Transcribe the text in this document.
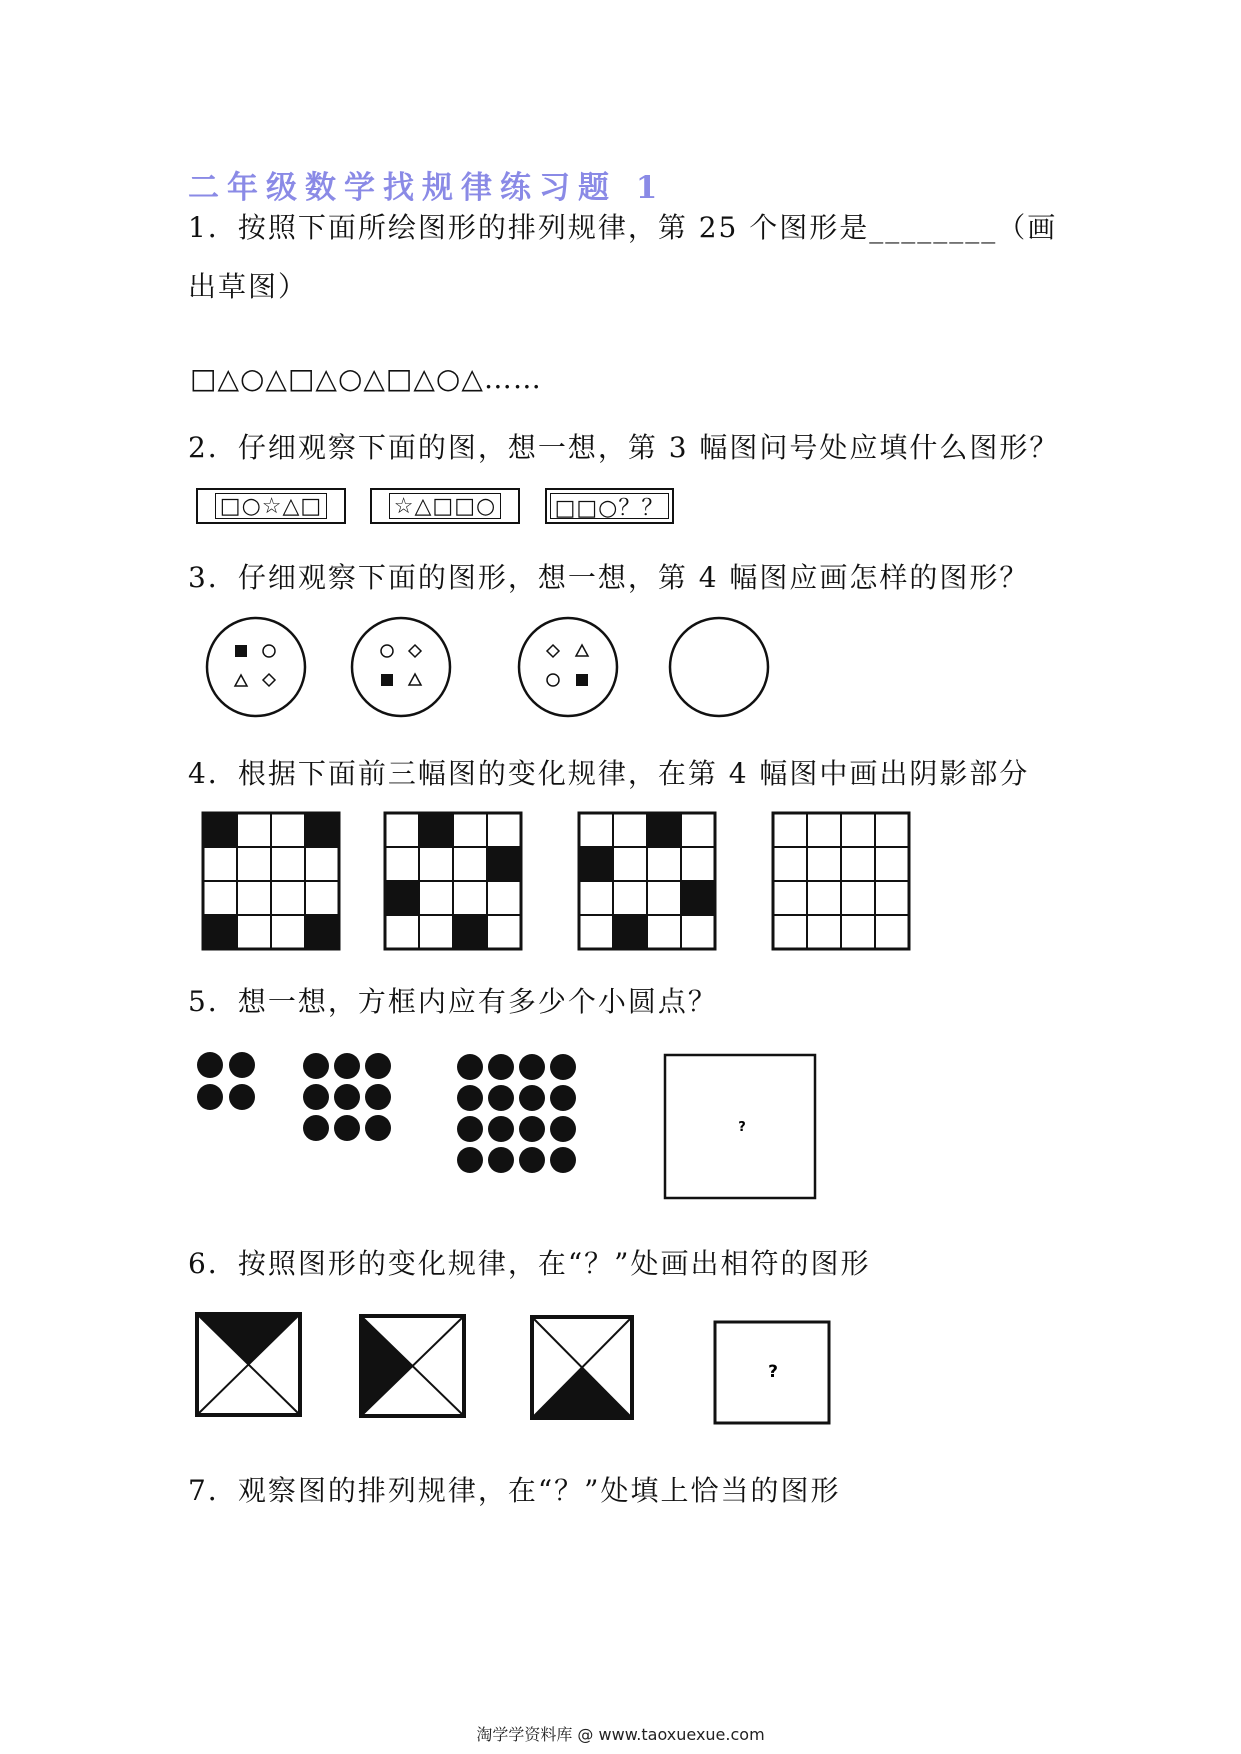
二年级数学找规律练习题 1
1．按照下面所绘图形的排列规律，第 25 个图形是________（画
出草图）
□△○△□△○△□△○△……
2．仔细观察下面的图，想一想，第 3 幅图问号处应填什么图形？
□○☆△□	☆△□□○	□□○？？
3．仔细观察下面的图形，想一想，第 4 幅图应画怎样的图形？
4．根据下面前三幅图的变化规律，在第 4 幅图中画出阴影部分
5．想一想，方框内应有多少个小圆点？
?
6．按照图形的变化规律，在“？”处画出相符的图形
?
7．观察图的排列规律，在“？”处填上恰当的图形
淘学学资料库 @ www.taoxuexue.com
